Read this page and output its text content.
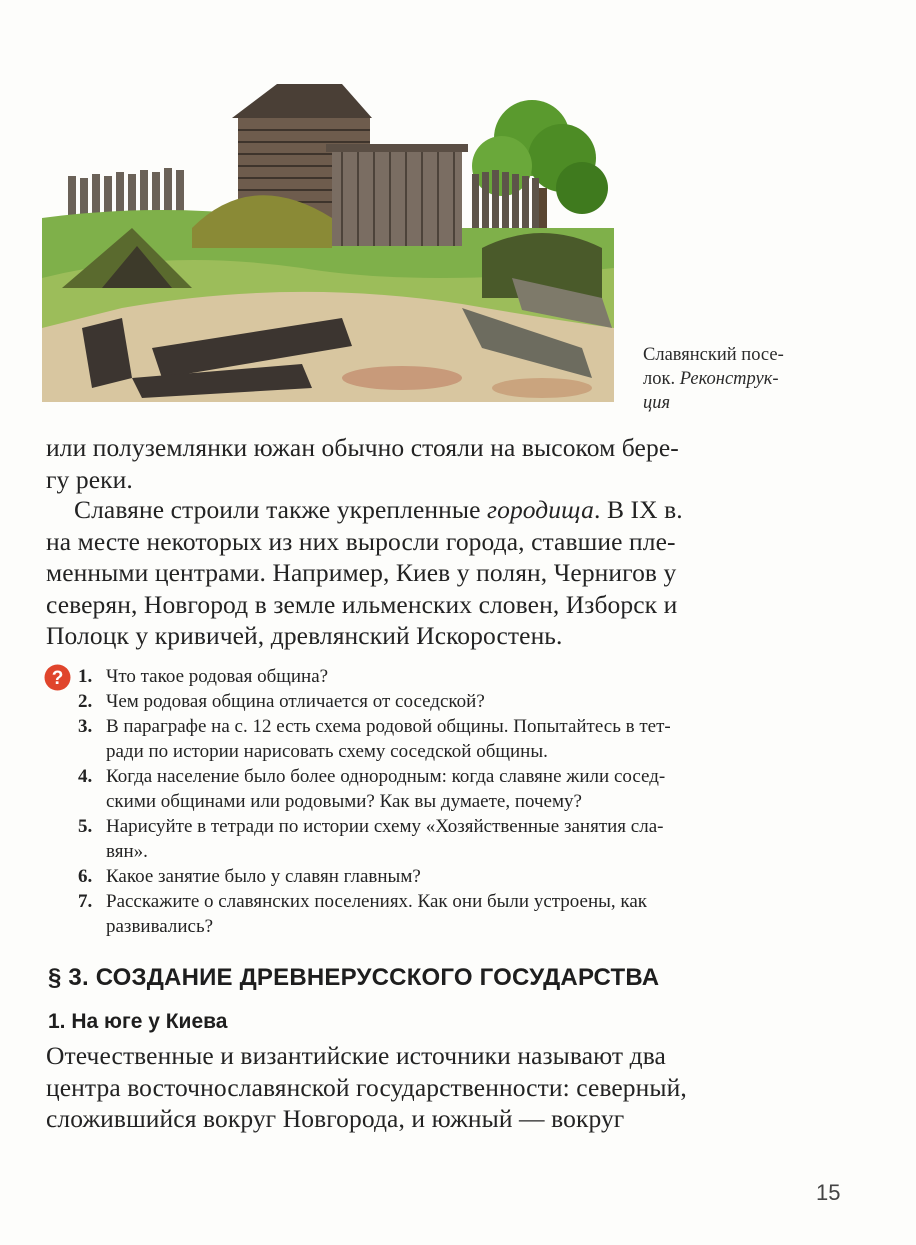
Славянский посе-
лок. Реконструк-
ция
или полуземлянки южан обычно стояли на высоком бере-
гу реки.
Славяне строили также укрепленные городища. В IX в.
на месте некоторых из них выросли города, ставшие пле-
менными центрами. Например, Киев у полян, Чернигов у
северян, Новгород в земле ильменских словен, Изборск и
Полоцк у кривичей, древлянский Искоростень.
? 1. Что такое родовая община?
2. Чем родовая община отличается от соседской?
3. В параграфе на с. 12 есть схема родовой общины. Попытайтесь в тет-
ради по истории нарисовать схему соседской общины.
4. Когда население было более однородным: когда славяне жили сосед-
скими общинами или родовыми? Как вы думаете, почему?
5. Нарисуйте в тетради по истории схему «Хозяйственные занятия сла-
вян».
6. Какое занятие было у славян главным?
7. Расскажите о славянских поселениях. Как они были устроены, как
развивались?
§ 3. СОЗДАНИЕ ДРЕВНЕРУССКОГО ГОСУДАРСТВА
1. На юге у Киева
Отечественные и византийские источники называют два
центра восточнославянской государственности: северный,
сложившийся вокруг Новгорода, и южный — вокруг
15
